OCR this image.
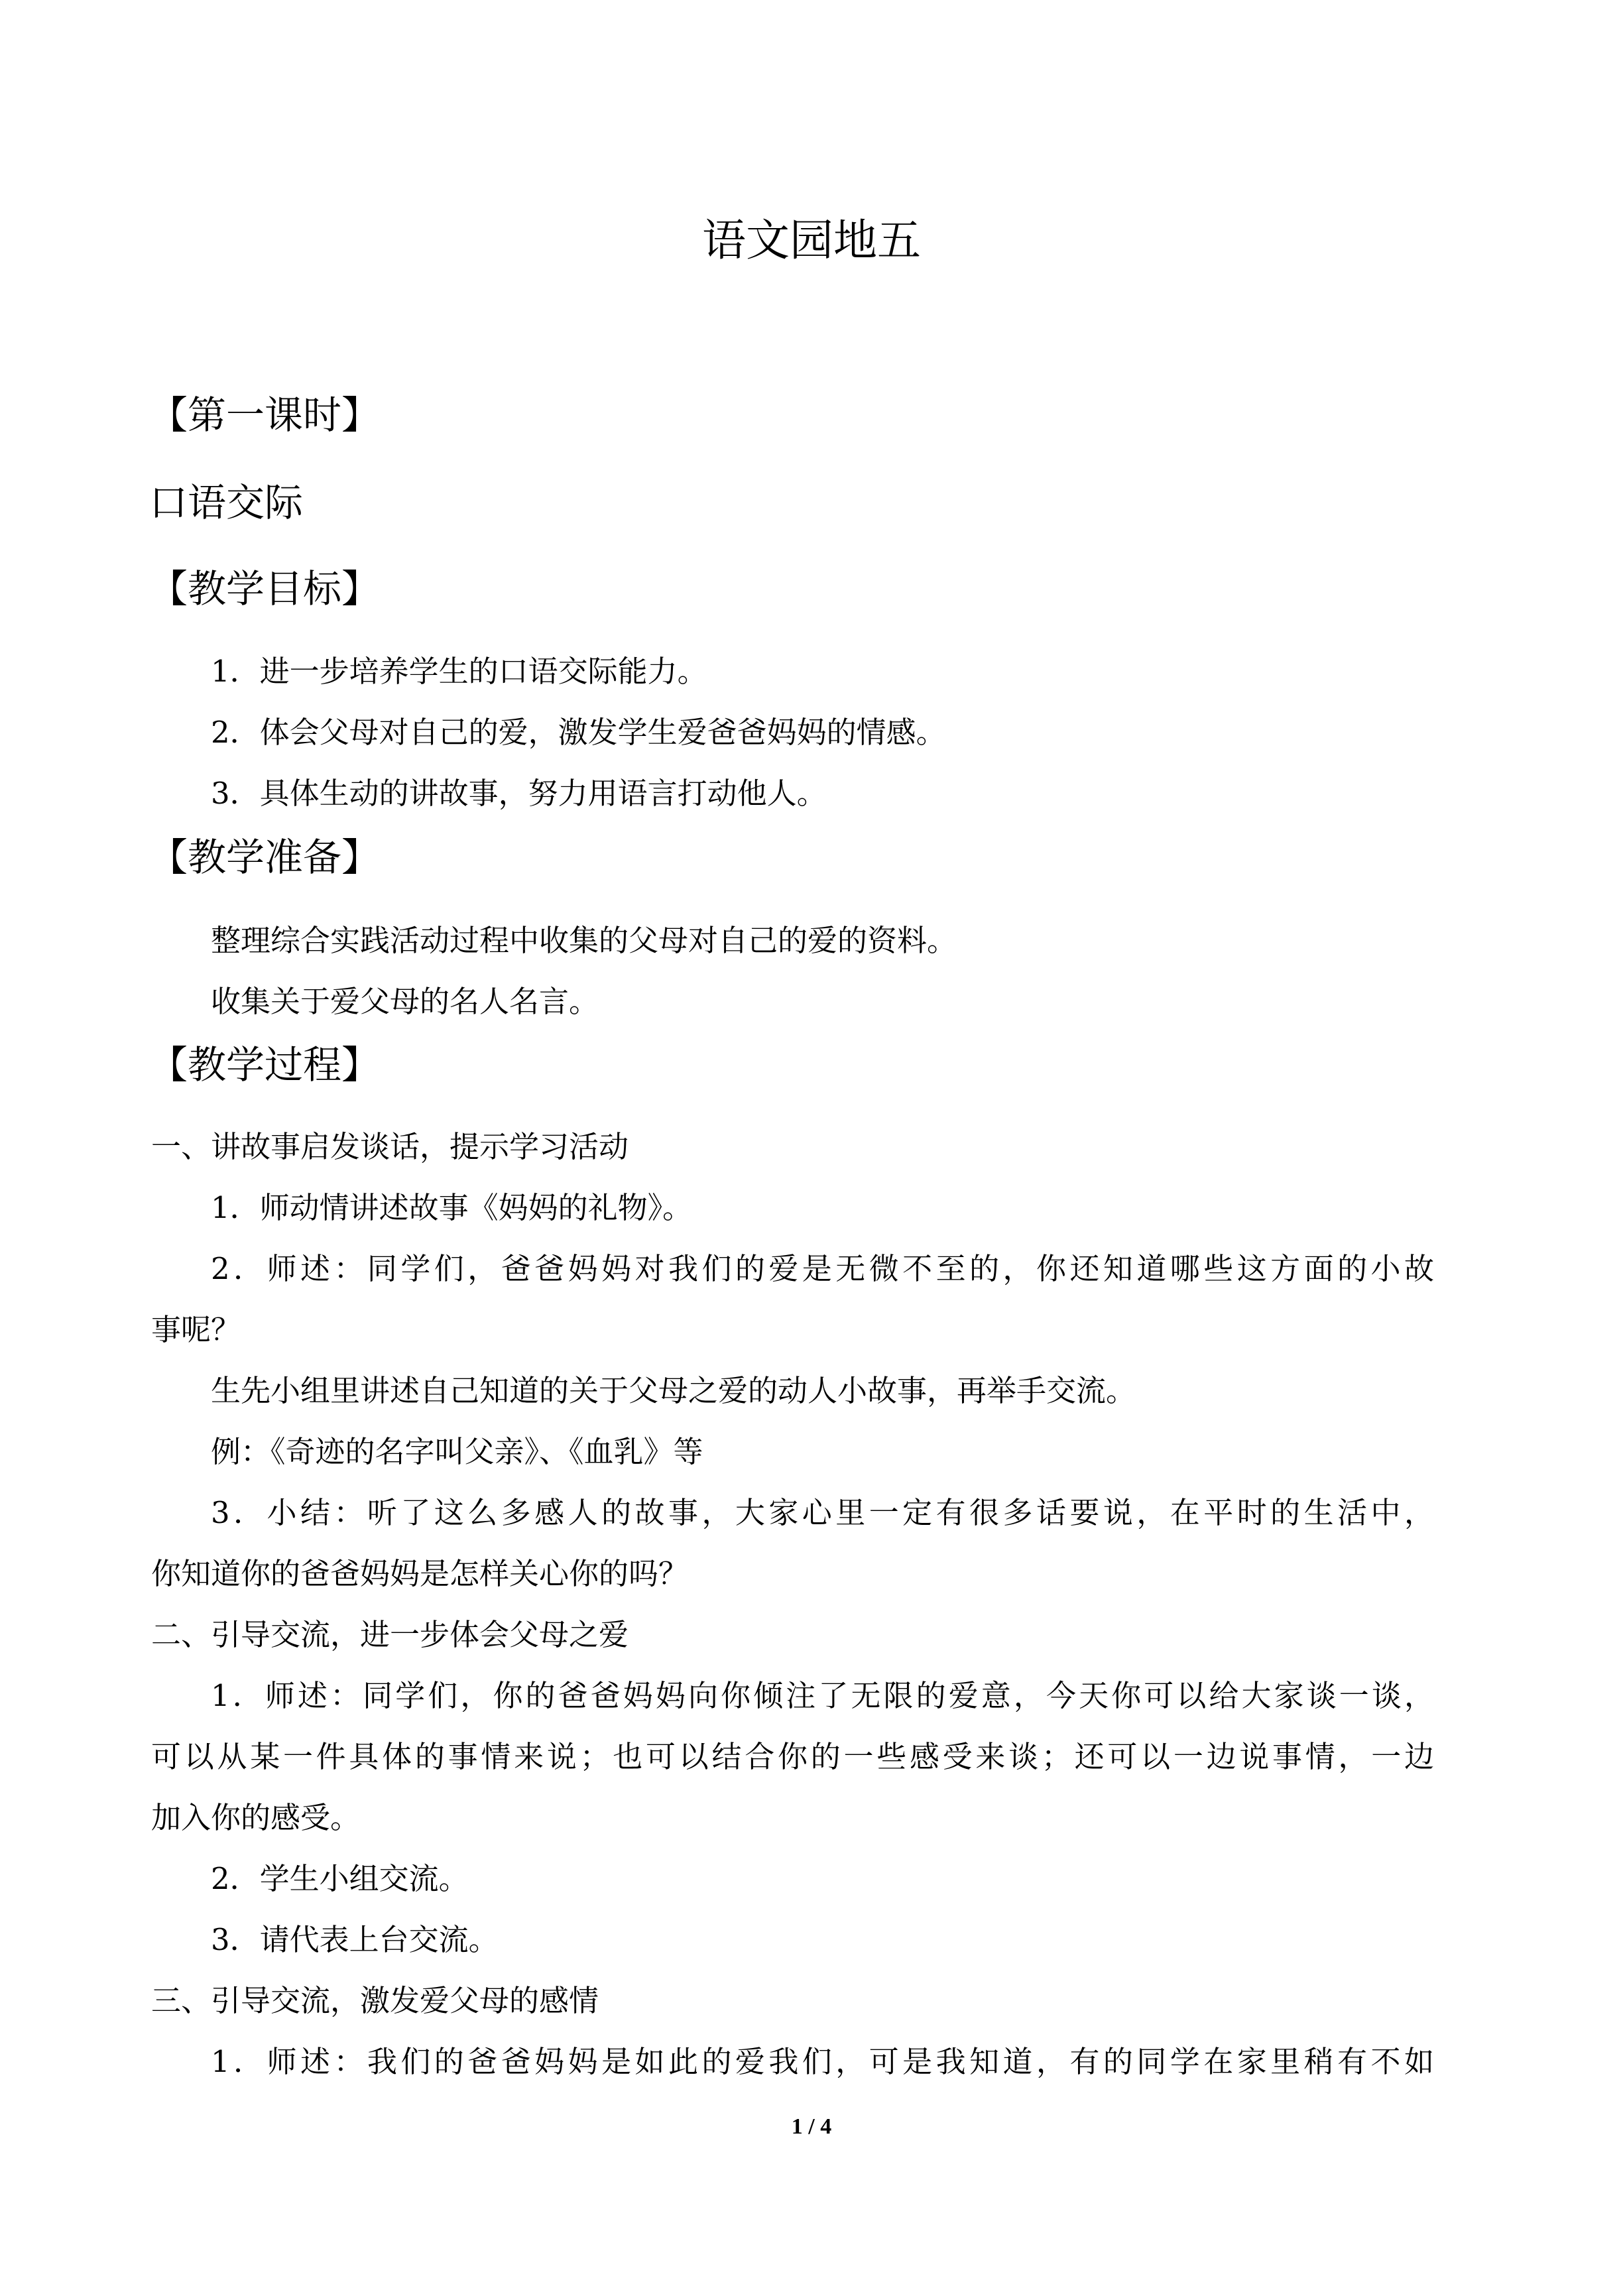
语文园地五
【第一课时】
口语交际
【教学目标】
1．进一步培养学生的口语交际能力。
2．体会父母对自己的爱，激发学生爱爸爸妈妈的情感。
3．具体生动的讲故事，努力用语言打动他人。
【教学准备】
整理综合实践活动过程中收集的父母对自己的爱的资料。
收集关于爱父母的名人名言。
【教学过程】
一、讲故事启发谈话，提示学习活动
1．师动情讲述故事《妈妈的礼物》。
2．师述：同学们，爸爸妈妈对我们的爱是无微不至的，你还知道哪些这方面的小故
事呢？
生先小组里讲述自己知道的关于父母之爱的动人小故事，再举手交流。
例：《奇迹的名字叫父亲》、《血乳》等
3．小结：听了这么多感人的故事，大家心里一定有很多话要说，在平时的生活中，
你知道你的爸爸妈妈是怎样关心你的吗？
二、引导交流，进一步体会父母之爱
1．师述：同学们，你的爸爸妈妈向你倾注了无限的爱意，今天你可以给大家谈一谈，
可以从某一件具体的事情来说；也可以结合你的一些感受来谈；还可以一边说事情，一边
加入你的感受。
2．学生小组交流。
3．请代表上台交流。
三、引导交流，激发爱父母的感情
1．师述：我们的爸爸妈妈是如此的爱我们，可是我知道，有的同学在家里稍有不如
1 / 4
